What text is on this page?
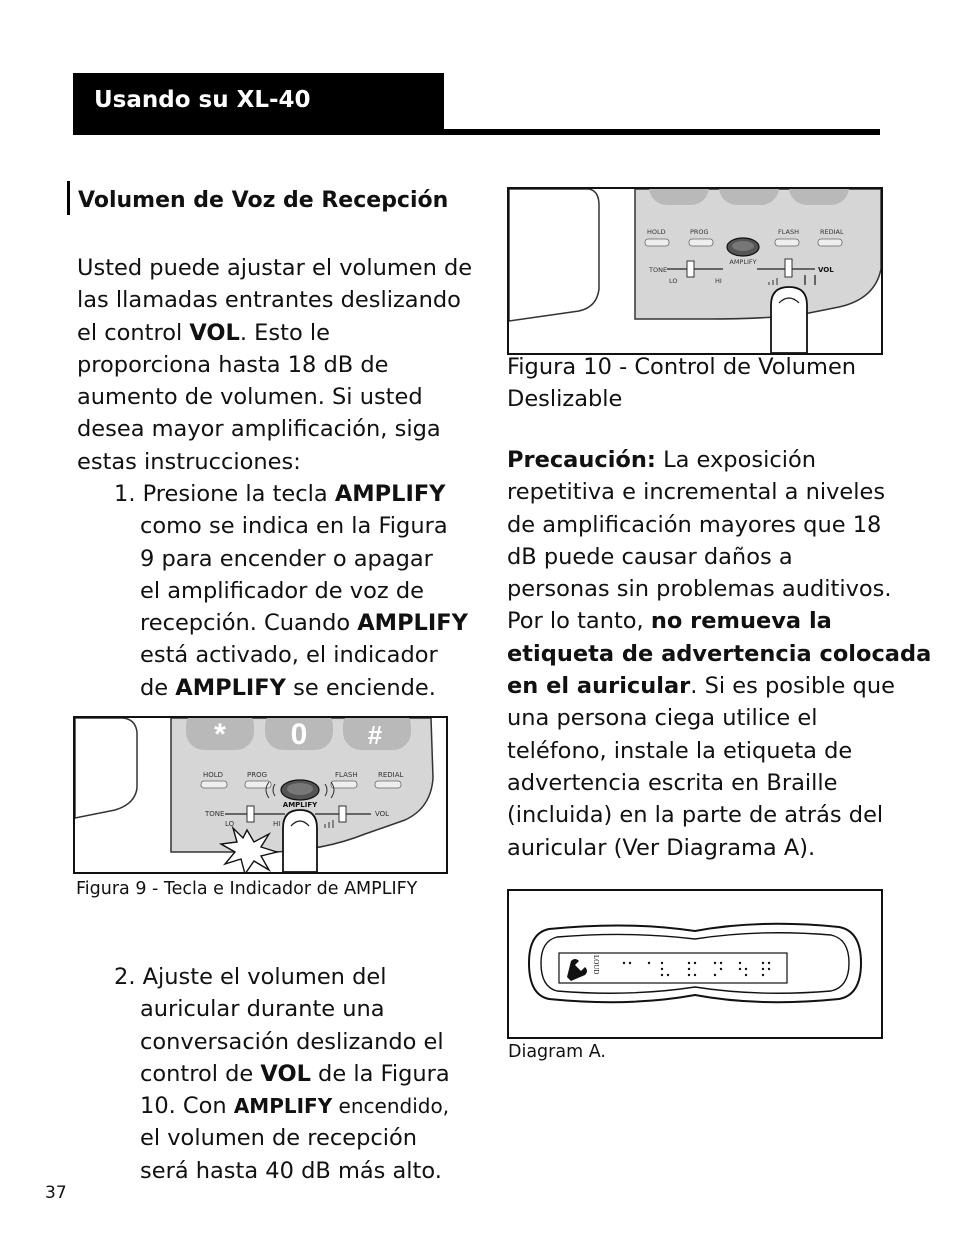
Usando su XL-40
Volumen de Voz de Recepción
Usted puede ajustar el volumen de
las llamadas entrantes deslizando
el control VOL. Esto le
proporciona hasta 18 dB de
aumento de volumen. Si usted
desea mayor amplificación, siga
estas instrucciones:
1. Presione la tecla AMPLIFY
como se indica en la Figura
9 para encender o apagar
el amplificador de voz de
recepción. Cuando AMPLIFY
está activado, el indicador
de AMPLIFY se enciende.
* 0 #
HOLD	PROG	FLASH	REDIAL
AMPLIFY
TONE	VOL
LO	HI
Figura 9 - Tecla e Indicador de AMPLIFY
2. Ajuste el volumen del
auricular durante una
conversación deslizando el
control de VOL de la Figura
10. Con AMPLIFY encendido,
el volumen de recepción
será hasta 40 dB más alto.
HOLD	PROG	FLASH	REDIAL
AMPLIFY
TONE	VOL
LO	HI
Figura 10 - Control de Volumen
Deslizable
Precaución: La exposición
repetitiva e incremental a niveles
de amplificación mayores que 18
dB puede causar daños a
personas sin problemas auditivos.
Por lo tanto, no remueva la
etiqueta de advertencia colocada
en el auricular. Si es posible que
una persona ciega utilice el
teléfono, instale la etiqueta de
advertencia escrita en Braille
(incluida) en la parte de atrás del
auricular (Ver Diagrama A).
LOUD
Diagram A.
37
